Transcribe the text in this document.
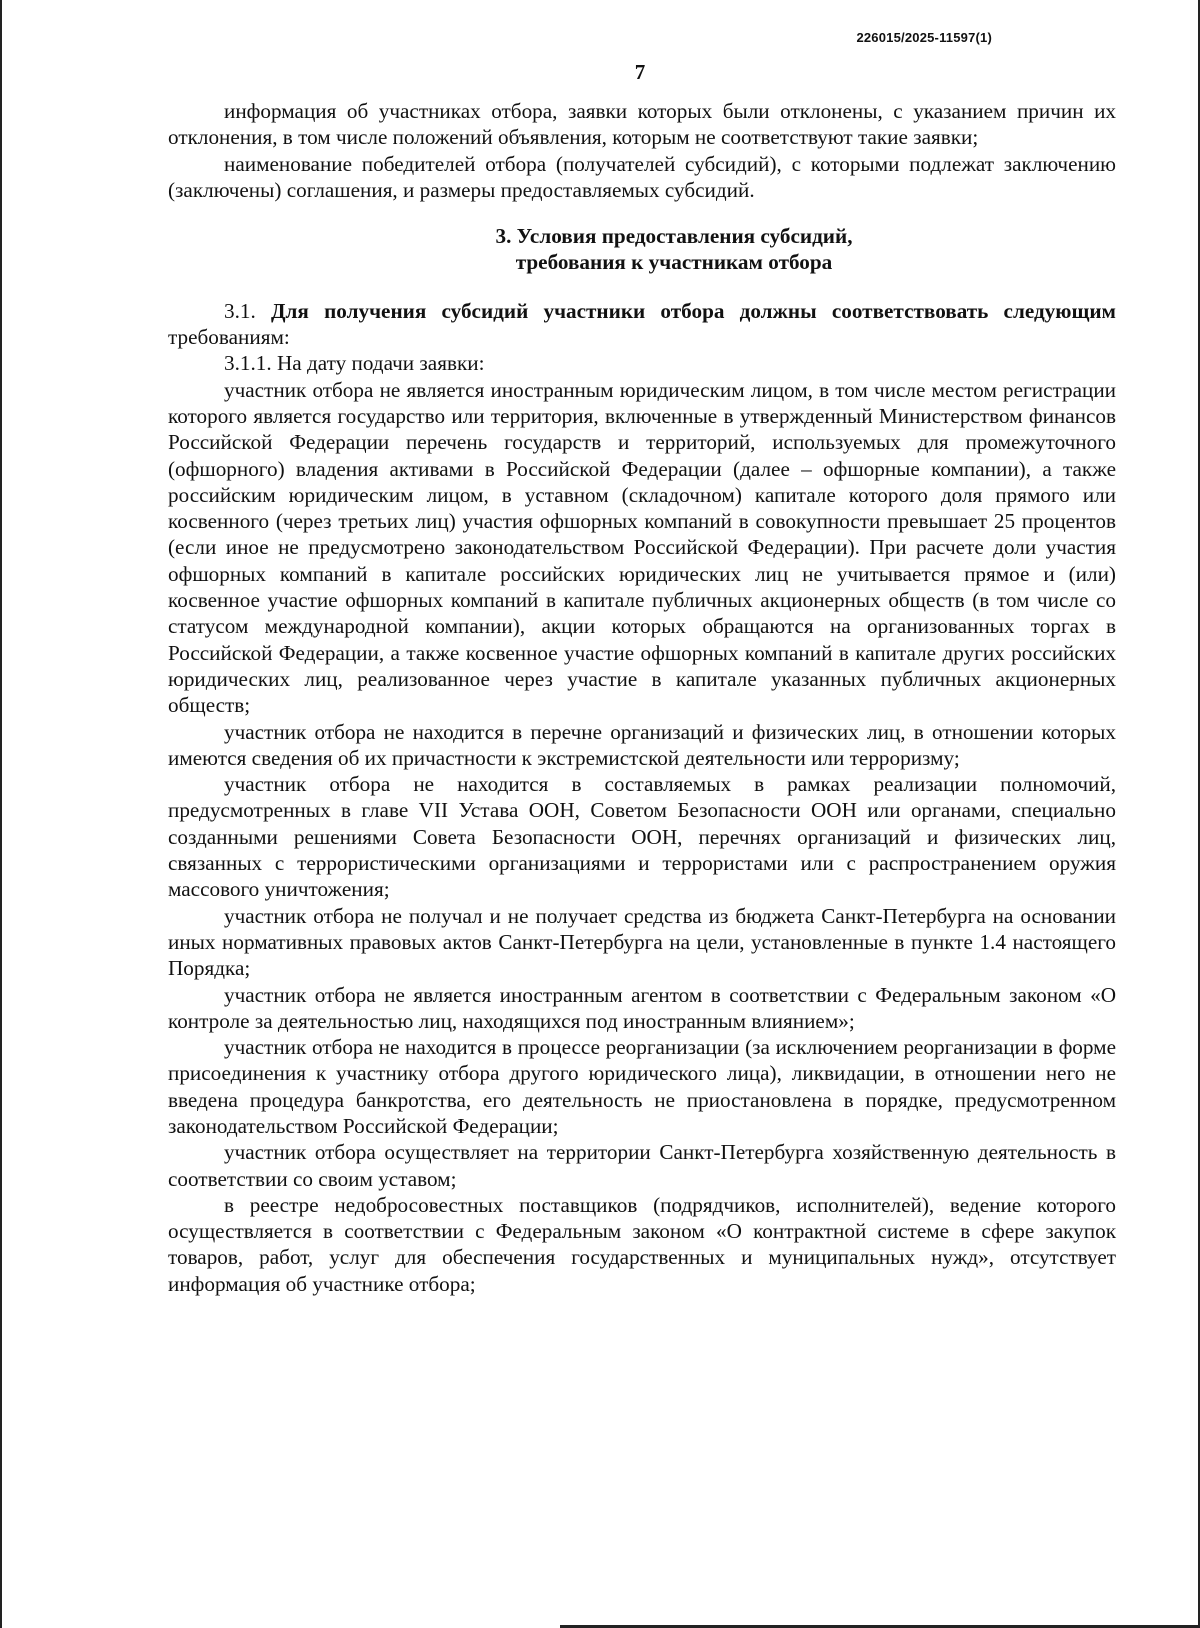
226015/2025-11597(1)
7

информация об участниках отбора, заявки которых были отклонены, с указанием причин их отклонения, в том числе положений объявления, которым не соответствуют такие заявки;

наименование победителей отбора (получателей субсидий), с которыми подлежат заключению (заключены) соглашения, и размеры предоставляемых субсидий.

3. Условия предоставления субсидий,
требования к участникам отбора

3.1. Для получения субсидий участники отбора должны соответствовать следующим требованиям:

3.1.1. На дату подачи заявки:

участник отбора не является иностранным юридическим лицом, в том числе местом регистрации которого является государство или территория, включенные в утвержденный Министерством финансов Российской Федерации перечень государств и территорий, используемых для промежуточного (офшорного) владения активами в Российской Федерации (далее – офшорные компании), а также российским юридическим лицом, в уставном (складочном) капитале которого доля прямого или косвенного (через третьих лиц) участия офшорных компаний в совокупности превышает 25 процентов (если иное не предусмотрено законодательством Российской Федерации). При расчете доли участия офшорных компаний в капитале российских юридических лиц не учитывается прямое и (или) косвенное участие офшорных компаний в капитале публичных акционерных обществ (в том числе со статусом международной компании), акции которых обращаются на организованных торгах в Российской Федерации, а также косвенное участие офшорных компаний в капитале других российских юридических лиц, реализованное через участие в капитале указанных публичных акционерных обществ;

участник отбора не находится в перечне организаций и физических лиц, в отношении которых имеются сведения об их причастности к экстремистской деятельности или терроризму;

участник отбора не находится в составляемых в рамках реализации полномочий, предусмотренных в главе VII Устава ООН, Советом Безопасности ООН или органами, специально созданными решениями Совета Безопасности ООН, перечнях организаций и физических лиц, связанных с террористическими организациями и террористами или с распространением оружия массового уничтожения;

участник отбора не получал и не получает средства из бюджета Санкт-Петербурга на основании иных нормативных правовых актов Санкт-Петербурга на цели, установленные в пункте 1.4 настоящего Порядка;

участник отбора не является иностранным агентом в соответствии с Федеральным законом «О контроле за деятельностью лиц, находящихся под иностранным влиянием»;

участник отбора не находится в процессе реорганизации (за исключением реорганизации в форме присоединения к участнику отбора другого юридического лица), ликвидации, в отношении него не введена процедура банкротства, его деятельность не приостановлена в порядке, предусмотренном законодательством Российской Федерации;

участник отбора осуществляет на территории Санкт-Петербурга хозяйственную деятельность в соответствии со своим уставом;

в реестре недобросовестных поставщиков (подрядчиков, исполнителей), ведение которого осуществляется в соответствии с Федеральным законом «О контрактной системе в сфере закупок товаров, работ, услуг для обеспечения государственных и муниципальных нужд», отсутствует информация об участнике отбора;
